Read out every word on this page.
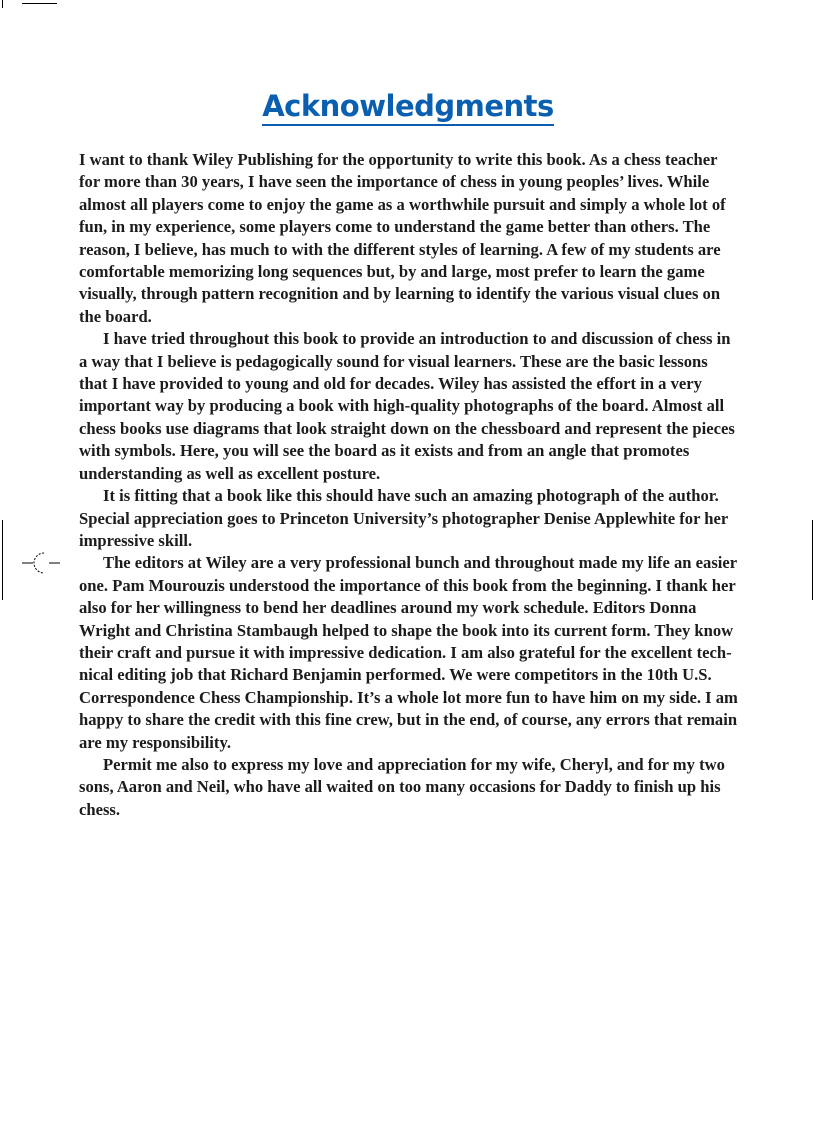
Acknowledgments

I want to thank Wiley Publishing for the opportunity to write this book. As a chess teacher for more than 30 years, I have seen the importance of chess in young peoples’ lives. While almost all players come to enjoy the game as a worthwhile pursuit and simply a whole lot of fun, in my experience, some players come to understand the game better than others. The reason, I believe, has much to with the different styles of learning. A few of my students are comfortable memorizing long sequences but, by and large, most prefer to learn the game visually, through pattern recognition and by learning to identify the various visual clues on the board.

I have tried throughout this book to provide an introduction to and discussion of chess in a way that I believe is pedagogically sound for visual learners. These are the basic lessons that I have provided to young and old for decades. Wiley has assisted the effort in a very important way by producing a book with high-quality photographs of the board. Almost all chess books use diagrams that look straight down on the chessboard and represent the pieces with symbols. Here, you will see the board as it exists and from an angle that promotes understanding as well as excellent posture.

It is fitting that a book like this should have such an amazing photograph of the author. Special appreciation goes to Princeton University’s photographer Denise Applewhite for her impressive skill.

The editors at Wiley are a very professional bunch and throughout made my life an easier one. Pam Mourouzis understood the importance of this book from the beginning. I thank her also for her willingness to bend her deadlines around my work schedule. Editors Donna Wright and Christina Stambaugh helped to shape the book into its current form. They know their craft and pursue it with impressive dedication. I am also grateful for the excellent technical editing job that Richard Benjamin performed. We were competitors in the 10th U.S. Correspondence Chess Championship. It’s a whole lot more fun to have him on my side. I am happy to share the credit with this fine crew, but in the end, of course, any errors that remain are my responsibility.

Permit me also to express my love and appreciation for my wife, Cheryl, and for my two sons, Aaron and Neil, who have all waited on too many occasions for Daddy to finish up his chess.
